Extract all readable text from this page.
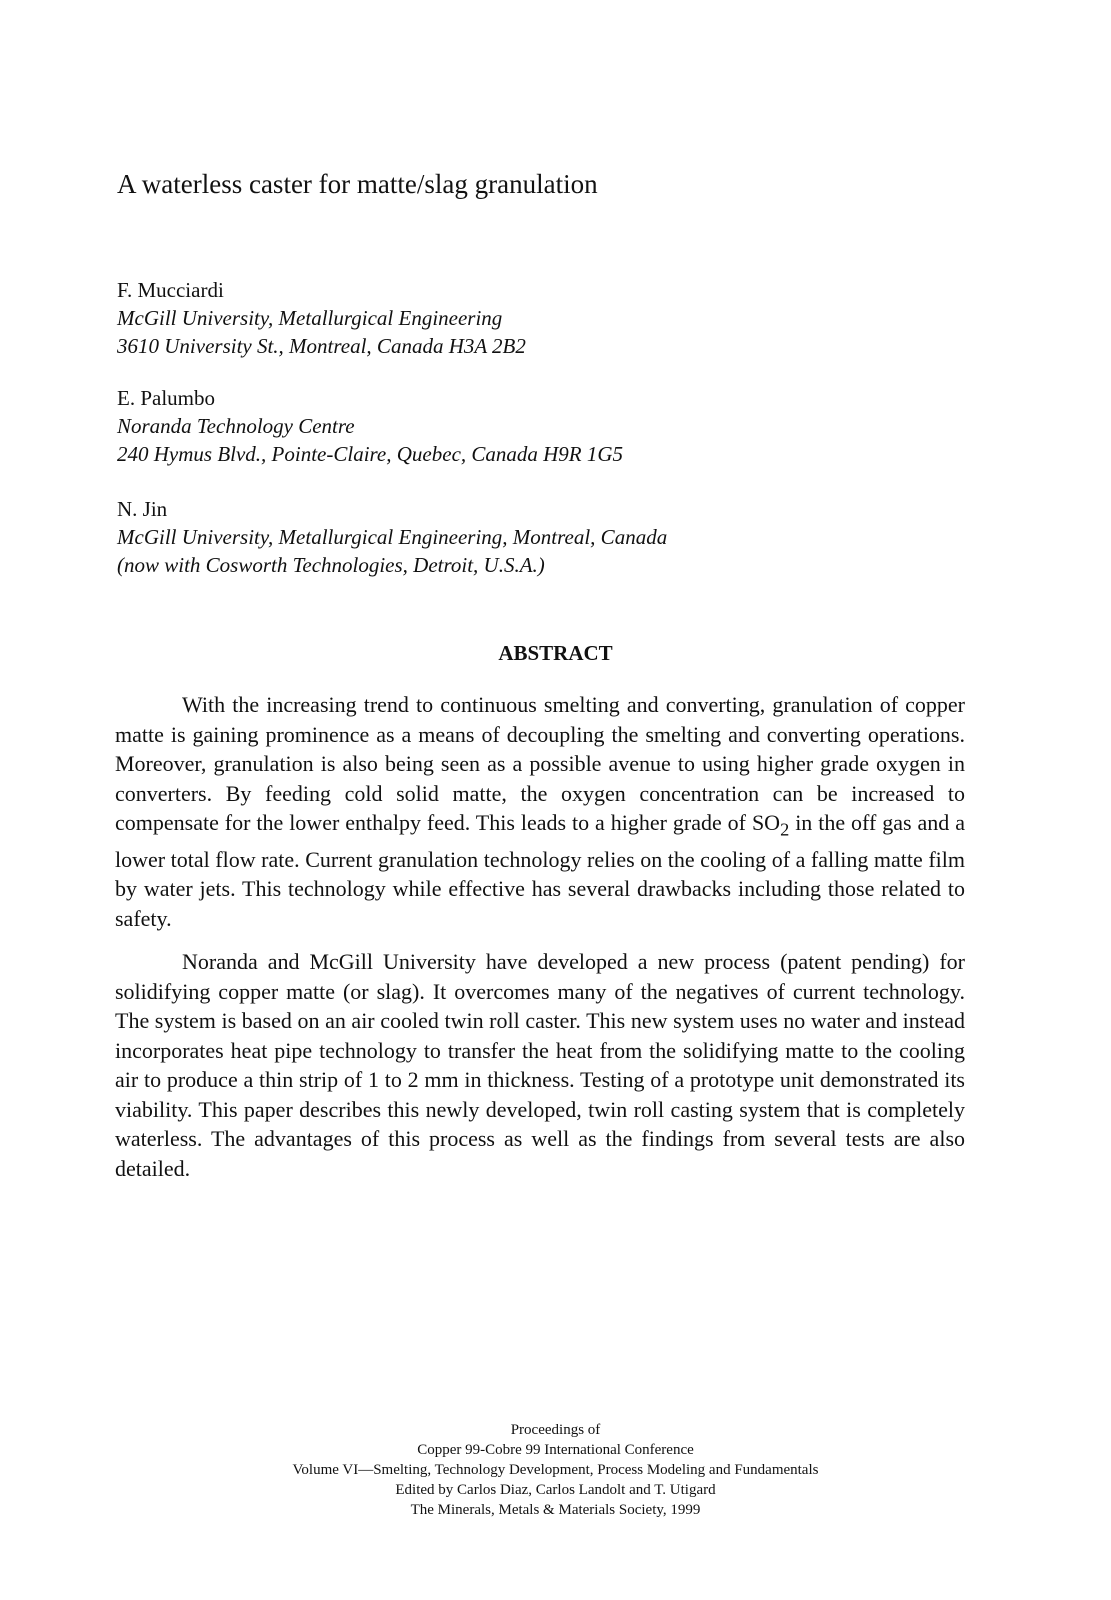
A waterless caster for matte/slag granulation
F. Mucciardi
McGill University, Metallurgical Engineering
3610 University St., Montreal, Canada H3A 2B2
E. Palumbo
Noranda Technology Centre
240 Hymus Blvd., Pointe-Claire, Quebec, Canada H9R 1G5
N. Jin
McGill University, Metallurgical Engineering, Montreal, Canada
(now with Cosworth Technologies, Detroit, U.S.A.)
ABSTRACT

With the increasing trend to continuous smelting and converting, granulation of copper matte is gaining prominence as a means of decoupling the smelting and converting operations. Moreover, granulation is also being seen as a possible avenue to using higher grade oxygen in converters. By feeding cold solid matte, the oxygen concentration can be increased to compensate for the lower enthalpy feed. This leads to a higher grade of $SO_2$ in the off gas and a lower total flow rate. Current granulation technology relies on the cooling of a falling matte film by water jets. This technology while effective has several drawbacks including those related to safety.

Noranda and McGill University have developed a new process (patent pending) for solidifying copper matte (or slag). It overcomes many of the negatives of current technology. The system is based on an air cooled twin roll caster. This new system uses no water and instead incorporates heat pipe technology to transfer the heat from the solidifying matte to the cooling air to produce a thin strip of 1 to 2 mm in thickness. Testing of a prototype unit demonstrated its viability. This paper describes this newly developed, twin roll casting system that is completely waterless. The advantages of this process as well as the findings from several tests are also detailed.

Proceedings of
Copper 99-Cobre 99 International Conference
Volume VI—Smelting, Technology Development, Process Modeling and Fundamentals
Edited by Carlos Diaz, Carlos Landolt and T. Utigard
The Minerals, Metals & Materials Society, 1999
